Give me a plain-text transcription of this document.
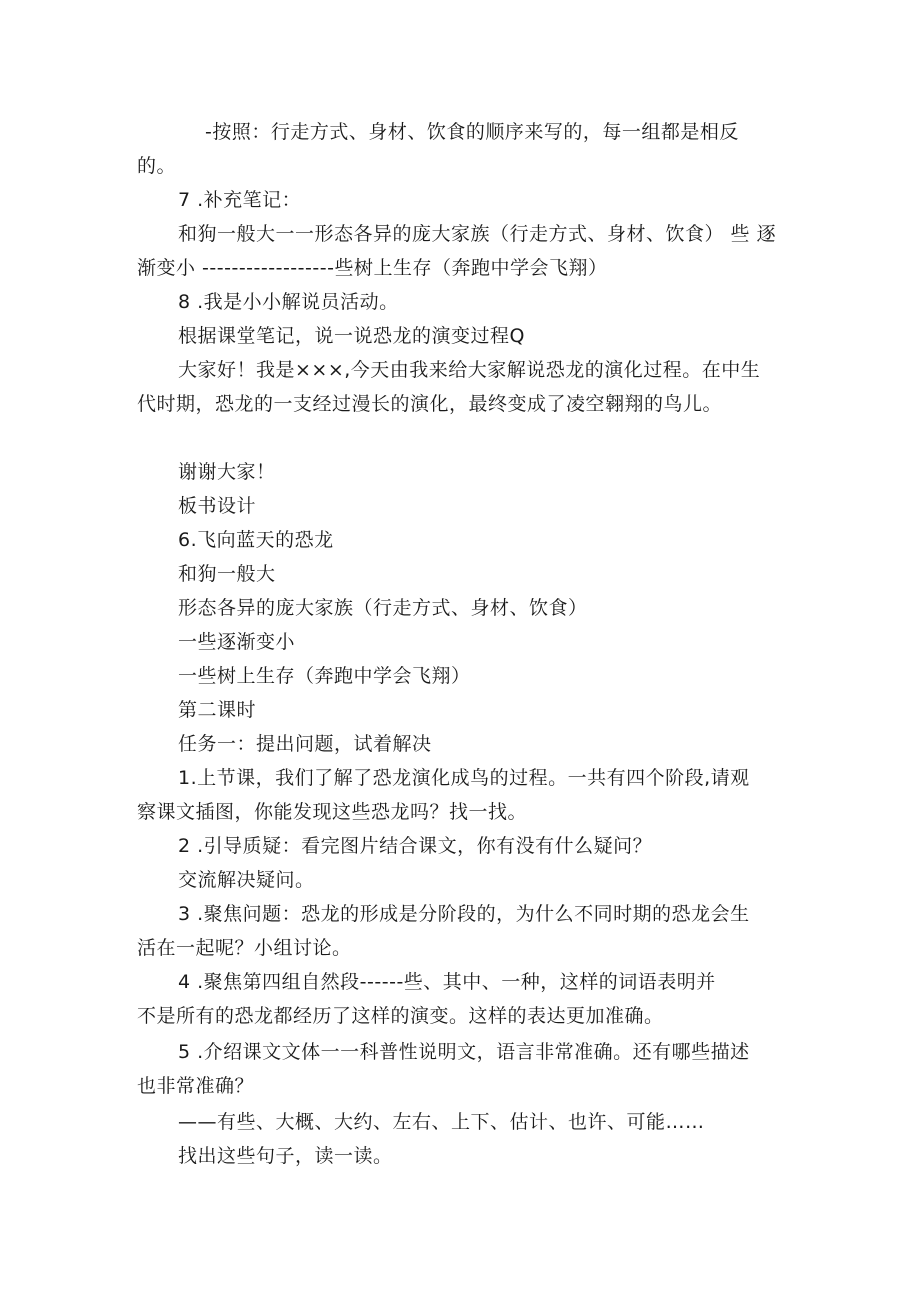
-按照：行走方式、身材、饮食的顺序来写的，每一组都是相反
的。
7 .补充笔记：
和狗一般大一一形态各异的庞大家族（行走方式、身材、饮食） 些 逐
渐变小 ------------------些树上生存（奔跑中学会飞翔）
8 .我是小小解说员活动。
根据课堂笔记，说一说恐龙的演变过程Q
大家好！我是×××,今天由我来给大家解说恐龙的演化过程。在中生
代时期，恐龙的一支经过漫长的演化，最终变成了凌空翱翔的鸟儿。
谢谢大家！
板书设计
6.飞向蓝天的恐龙
和狗一般大
形态各异的庞大家族（行走方式、身材、饮食）
一些逐渐变小
一些树上生存（奔跑中学会飞翔）
第二课时
任务一：提出问题，试着解决
1.上节课，我们了解了恐龙演化成鸟的过程。一共有四个阶段,请观
察课文插图，你能发现这些恐龙吗？找一找。
2 .引导质疑：看完图片结合课文，你有没有什么疑问？
交流解决疑问。
3 .聚焦问题：恐龙的形成是分阶段的，为什么不同时期的恐龙会生
活在一起呢？小组讨论。
4 .聚焦第四组自然段------些、其中、一种，这样的词语表明并
不是所有的恐龙都经历了这样的演变。这样的表达更加准确。
5 .介绍课文文体一一科普性说明文，语言非常准确。还有哪些描述
也非常准确？
——有些、大概、大约、左右、上下、估计、也许、可能……
找出这些句子，读一读。
